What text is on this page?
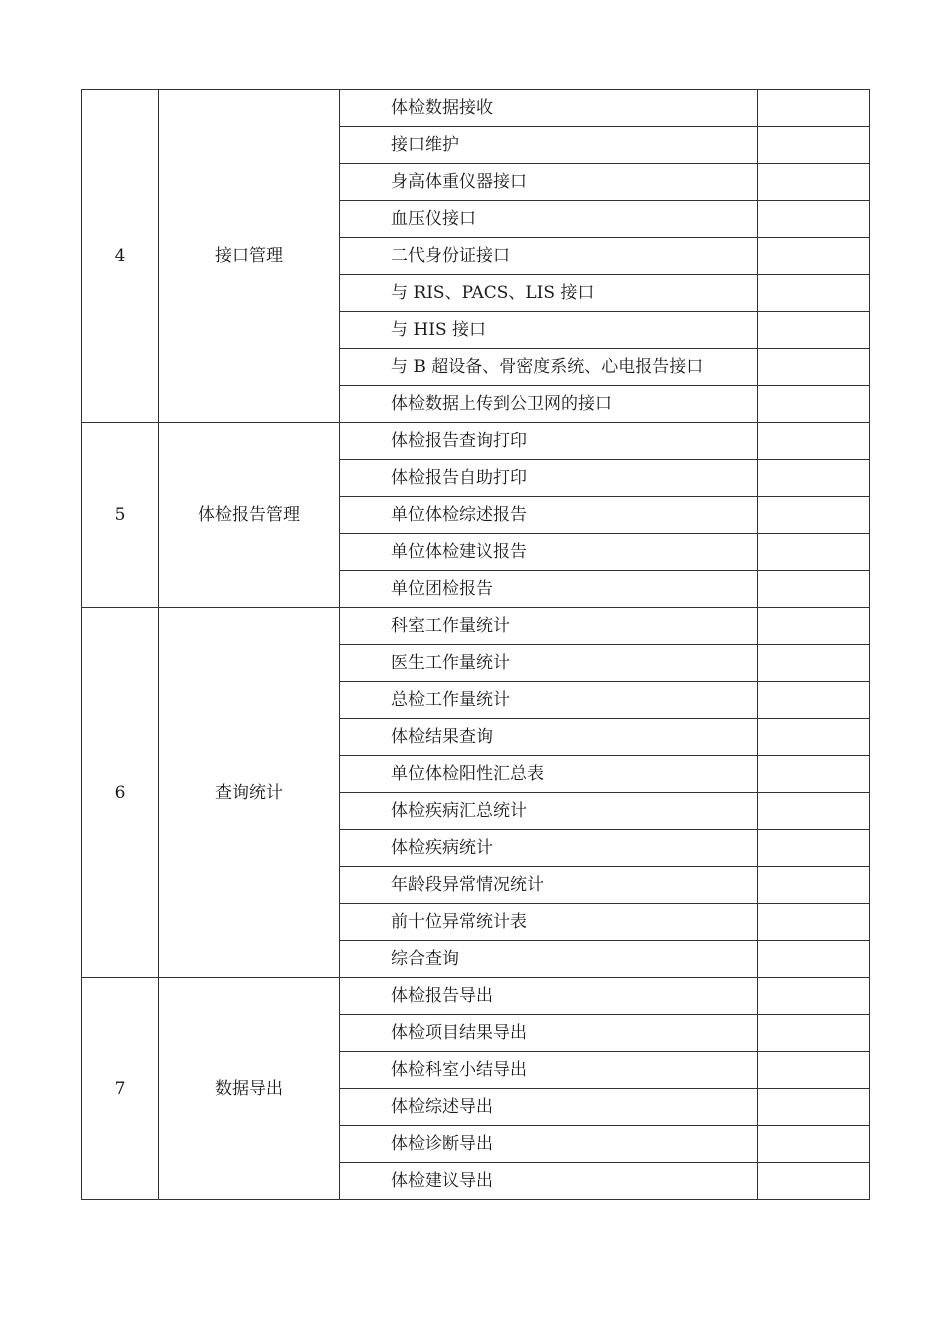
4	接口管理	体检数据接收	
		接口维护	
		身高体重仪器接口	
		血压仪接口	
		二代身份证接口	
		与 RIS、PACS、LIS 接口	
		与 HIS 接口	
		与 B 超设备、骨密度系统、心电报告接口	
		体检数据上传到公卫网的接口	
5	体检报告管理	体检报告查询打印	
		体检报告自助打印	
		单位体检综述报告	
		单位体检建议报告	
		单位团检报告	
6	查询统计	科室工作量统计	
		医生工作量统计	
		总检工作量统计	
		体检结果查询	
		单位体检阳性汇总表	
		体检疾病汇总统计	
		体检疾病统计	
		年龄段异常情况统计	
		前十位异常统计表	
		综合查询	
7	数据导出	体检报告导出	
		体检项目结果导出	
		体检科室小结导出	
		体检综述导出	
		体检诊断导出	
		体检建议导出	
